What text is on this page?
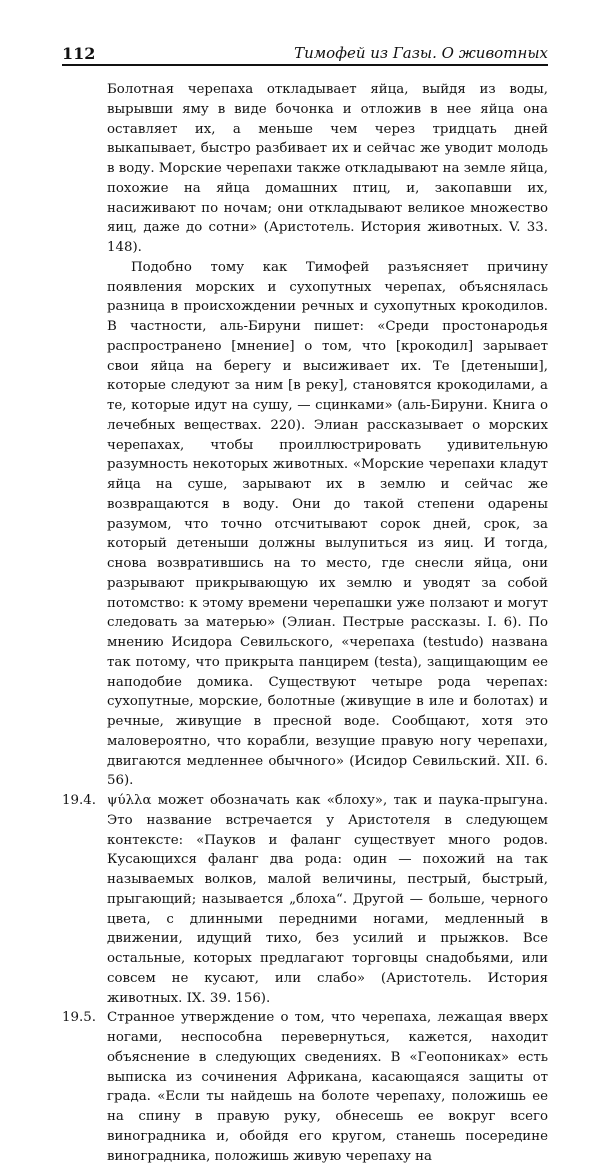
112	Тимофей из Газы. О животных

Болотная черепаха откладывает яйца, выйдя из воды, вырывши яму в виде бочонка и отложив в нее яйца она оставляет их, а меньше чем через тридцать дней выкапывает, быстро разбивает их и сейчас же уводит молодь в воду. Морские черепахи также откладывают на земле яйца, похожие на яйца домашних птиц, и, закопавши их, насиживают по ночам; они откладывают великое множество яиц, даже до сотни» (Аристотель. История животных. V. 33. 148).

Подобно тому как Тимофей разъясняет причину появления морских и сухопутных черепах, объяснялась разница в происхождении речных и сухопутных крокодилов. В частности, аль-Бируни пишет: «Среди простонародья распространено [мнение] о том, что [крокодил] зарывает свои яйца на берегу и высиживает их. Те [детеныши], которые следуют за ним [в реку], становятся крокодилами, а те, которые идут на сушу, — сцинками» (аль-Бируни. Книга о лечебных веществах. 220). Элиан рассказывает о морских черепахах, чтобы проиллюстрировать удивительную разумность некоторых животных. «Морские черепахи кладут яйца на суше, зарывают их в землю и сейчас же возвращаются в воду. Они до такой степени одарены разумом, что точно отсчитывают сорок дней, срок, за который детеныши должны вылупиться из яиц. И тогда, снова возвратившись на то место, где снесли яйца, они разрывают прикрывающую их землю и уводят за собой потомство: к этому времени черепашки уже ползают и могут следовать за матерью» (Элиан. Пестрые рассказы. I. 6). По мнению Исидора Севильского, «черепаха (testudo) названа так потому, что прикрыта панцирем (testa), защищающим ее наподобие домика. Существуют четыре рода черепах: сухопутные, морские, болотные (живущие в иле и болотах) и речные, живущие в пресной воде. Сообщают, хотя это маловероятно, что корабли, везущие правую ногу черепахи, двигаются медленнее обычного» (Исидор Севильский. XII. 6. 56).

19.4. ψύλλα может обозначать как «блоху», так и паука-прыгуна. Это название встречается у Аристотеля в следующем контексте: «Пауков и фаланг существует много родов. Кусающихся фаланг два рода: один — похожий на так называемых волков, малой величины, пестрый, быстрый, прыгающий; называется „блоха“. Другой — больше, черного цвета, с длинными передними ногами, медленный в движении, идущий тихо, без усилий и прыжков. Все остальные, которых предлагают торговцы снадобьями, или совсем не кусают, или слабо» (Аристотель. История животных. IX. 39. 156).

19.5. Странное утверждение о том, что черепаха, лежащая вверх ногами, неспособна перевернуться, кажется, находит объяснение в следующих сведениях. В «Геопониках» есть выписка из сочинения Африкана, касающаяся защиты от града. «Если ты найдешь на болоте черепаху, положишь ее на спину в правую руку, обнесешь ее вокруг всего виноградника и, обойдя его кругом, станешь посередине виноградника, положишь живую черепаху на
